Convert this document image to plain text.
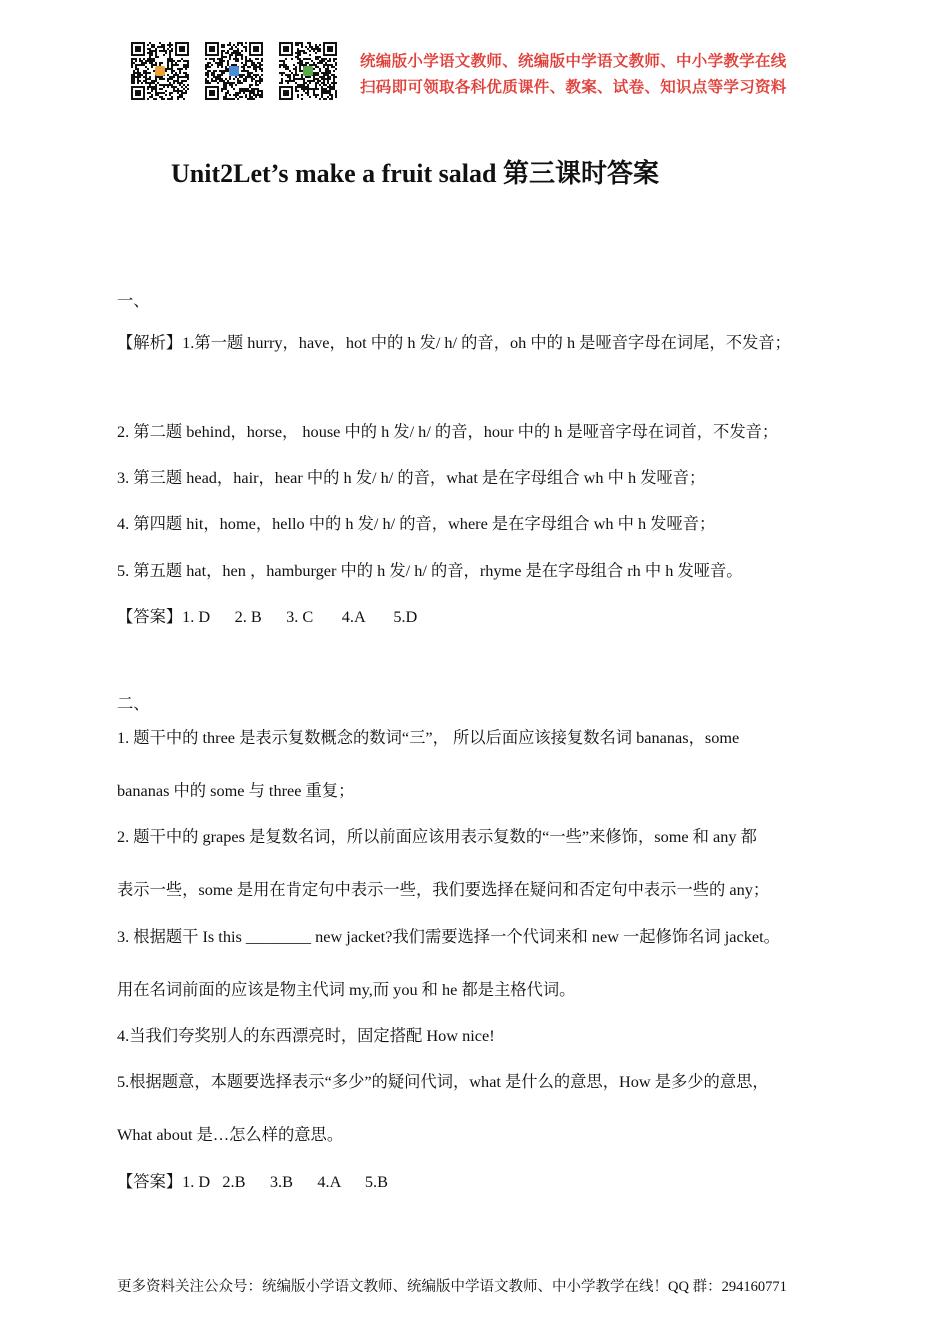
统编版小学语文教师、统编版中学语文教师、中小学教学在线
扫码即可领取各科优质课件、教案、试卷、知识点等学习资料
Unit2Let’s make a fruit salad 第三课时答案
一、
【解析】1.第一题 hurry，have，hot 中的 h 发/ h/ 的音，oh 中的 h 是哑音字母在词尾，不发音；
2. 第二题 behind，horse， house 中的 h 发/ h/ 的音，hour 中的 h 是哑音字母在词首，不发音；
3. 第三题 head，hair，hear 中的 h 发/ h/ 的音，what 是在字母组合 wh 中 h 发哑音；
4. 第四题 hit，home，hello 中的 h 发/ h/ 的音，where 是在字母组合 wh 中 h 发哑音；
5. 第五题 hat，hen ，hamburger 中的 h 发/ h/ 的音，rhyme 是在字母组合 rh 中 h 发哑音。
【答案】1. D      2. B      3. C       4.A       5.D
二、
1. 题干中的 three 是表示复数概念的数词“三”， 所以后面应该接复数名词 bananas，some
bananas 中的 some 与 three 重复；
2. 题干中的 grapes 是复数名词，所以前面应该用表示复数的“一些”来修饰，some 和 any 都
表示一些，some 是用在肯定句中表示一些，我们要选择在疑问和否定句中表示一些的 any；
3. 根据题干 Is this ________ new jacket?我们需要选择一个代词来和 new 一起修饰名词 jacket。
用在名词前面的应该是物主代词 my,而 you 和 he 都是主格代词。
4.当我们夸奖别人的东西漂亮时，固定搭配 How nice!
5.根据题意，本题要选择表示“多少”的疑问代词，what 是什么的意思，How 是多少的意思，
What about 是…怎么样的意思。
【答案】1. D   2.B      3.B      4.A      5.B
更多资料关注公众号：统编版小学语文教师、统编版中学语文教师、中小学教学在线！QQ 群：294160771
